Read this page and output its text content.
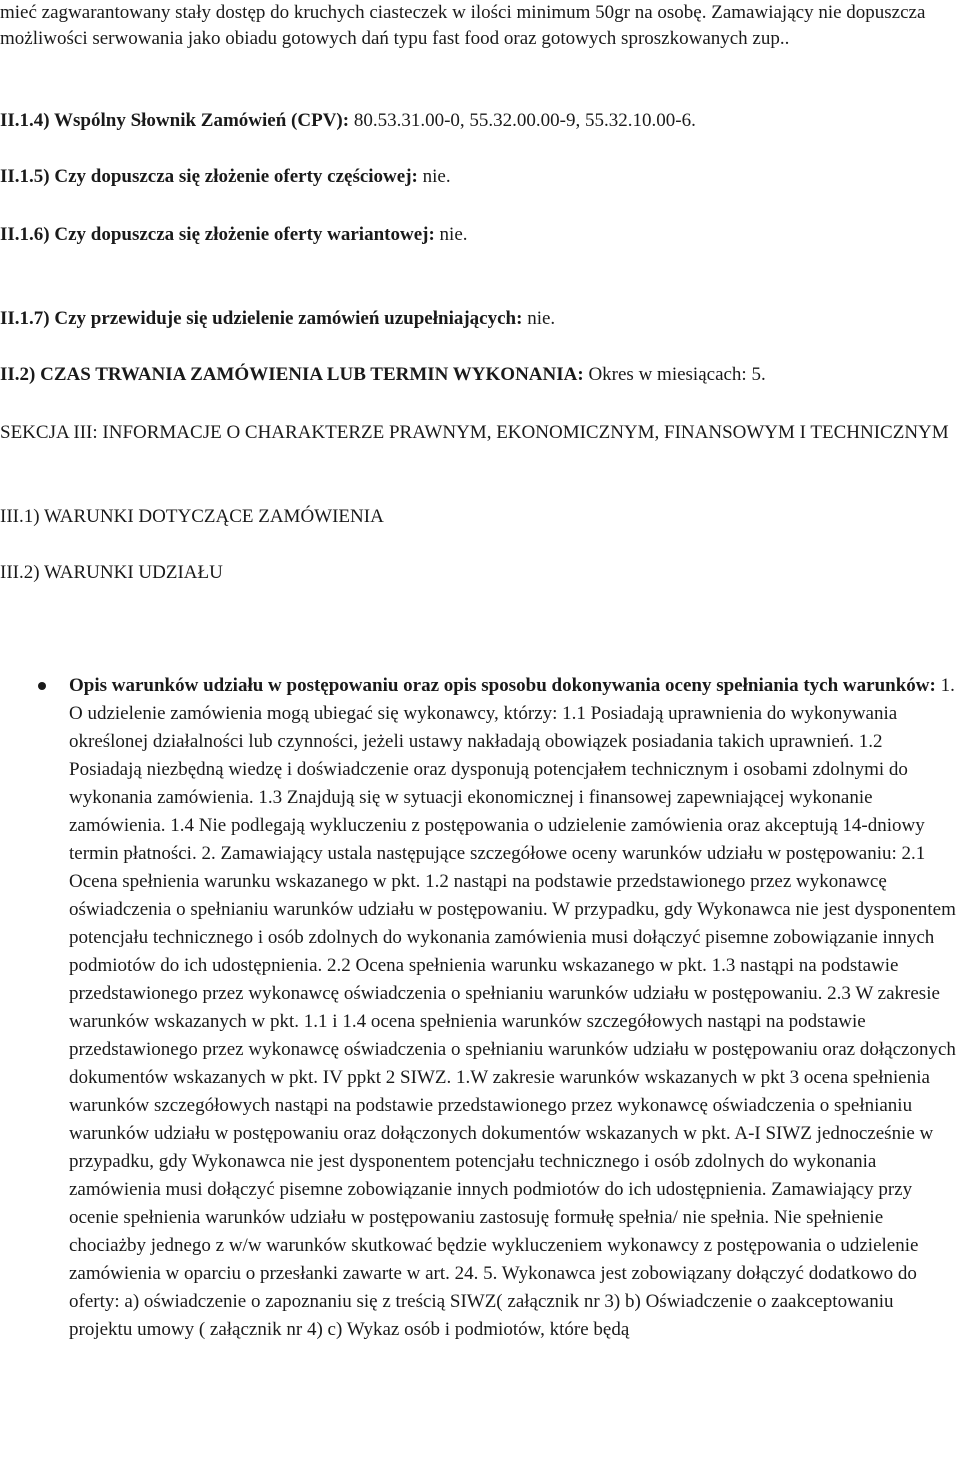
mieć zagwarantowany stały dostęp do kruchych ciasteczek w ilości minimum 50gr na osobę. Zamawiający nie dopuszcza możliwości serwowania jako obiadu gotowych dań typu fast food oraz gotowych sproszkowanych zup..

II.1.4) Wspólny Słownik Zamówień (CPV): 80.53.31.00-0, 55.32.00.00-9, 55.32.10.00-6.

II.1.5) Czy dopuszcza się złożenie oferty częściowej: nie.

II.1.6) Czy dopuszcza się złożenie oferty wariantowej: nie.

II.1.7) Czy przewiduje się udzielenie zamówień uzupełniających: nie.

II.2) CZAS TRWANIA ZAMÓWIENIA LUB TERMIN WYKONANIA: Okres w miesiącach: 5.

SEKCJA III: INFORMACJE O CHARAKTERZE PRAWNYM, EKONOMICZNYM, FINANSOWYM I TECHNICZNYM

III.1) WARUNKI DOTYCZĄCE ZAMÓWIENIA

III.2) WARUNKI UDZIAŁU

Opis warunków udziału w postępowaniu oraz opis sposobu dokonywania oceny spełniania tych warunków: 1. O udzielenie zamówienia mogą ubiegać się wykonawcy, którzy: 1.1 Posiadają uprawnienia do wykonywania określonej działalności lub czynności, jeżeli ustawy nakładają obowiązek posiadania takich uprawnień. 1.2 Posiadają niezbędną wiedzę i doświadczenie oraz dysponują potencjałem technicznym i osobami zdolnymi do wykonania zamówienia. 1.3 Znajdują się w sytuacji ekonomicznej i finansowej zapewniającej wykonanie zamówienia. 1.4 Nie podlegają wykluczeniu z postępowania o udzielenie zamówienia oraz akceptują 14-dniowy termin płatności. 2. Zamawiający ustala następujące szczegółowe oceny warunków udziału w postępowaniu: 2.1 Ocena spełnienia warunku wskazanego w pkt. 1.2 nastąpi na podstawie przedstawionego przez wykonawcę oświadczenia o spełnianiu warunków udziału w postępowaniu. W przypadku, gdy Wykonawca nie jest dysponentem potencjału technicznego i osób zdolnych do wykonania zamówienia musi dołączyć pisemne zobowiązanie innych podmiotów do ich udostępnienia. 2.2 Ocena spełnienia warunku wskazanego w pkt. 1.3 nastąpi na podstawie przedstawionego przez wykonawcę oświadczenia o spełnianiu warunków udziału w postępowaniu. 2.3 W zakresie warunków wskazanych w pkt. 1.1 i 1.4 ocena spełnienia warunków szczegółowych nastąpi na podstawie przedstawionego przez wykonawcę oświadczenia o spełnianiu warunków udziału w postępowaniu oraz dołączonych dokumentów wskazanych w pkt. IV ppkt 2 SIWZ. 1.W zakresie warunków wskazanych w pkt 3 ocena spełnienia warunków szczegółowych nastąpi na podstawie przedstawionego przez wykonawcę oświadczenia o spełnianiu warunków udziału w postępowaniu oraz dołączonych dokumentów wskazanych w pkt. A-I SIWZ jednocześnie w przypadku, gdy Wykonawca nie jest dysponentem potencjału technicznego i osób zdolnych do wykonania zamówienia musi dołączyć pisemne zobowiązanie innych podmiotów do ich udostępnienia. Zamawiający przy ocenie spełnienia warunków udziału w postępowaniu zastosuję formułę spełnia/ nie spełnia. Nie spełnienie chociażby jednego z w/w warunków skutkować będzie wykluczeniem wykonawcy z postępowania o udzielenie zamówienia w oparciu o przesłanki zawarte w art. 24. 5. Wykonawca jest zobowiązany dołączyć dodatkowo do oferty: a) oświadczenie o zapoznaniu się z treścią SIWZ( załącznik nr 3) b) Oświadczenie o zaakceptowaniu projektu umowy ( załącznik nr 4) c) Wykaz osób i podmiotów, które będą
